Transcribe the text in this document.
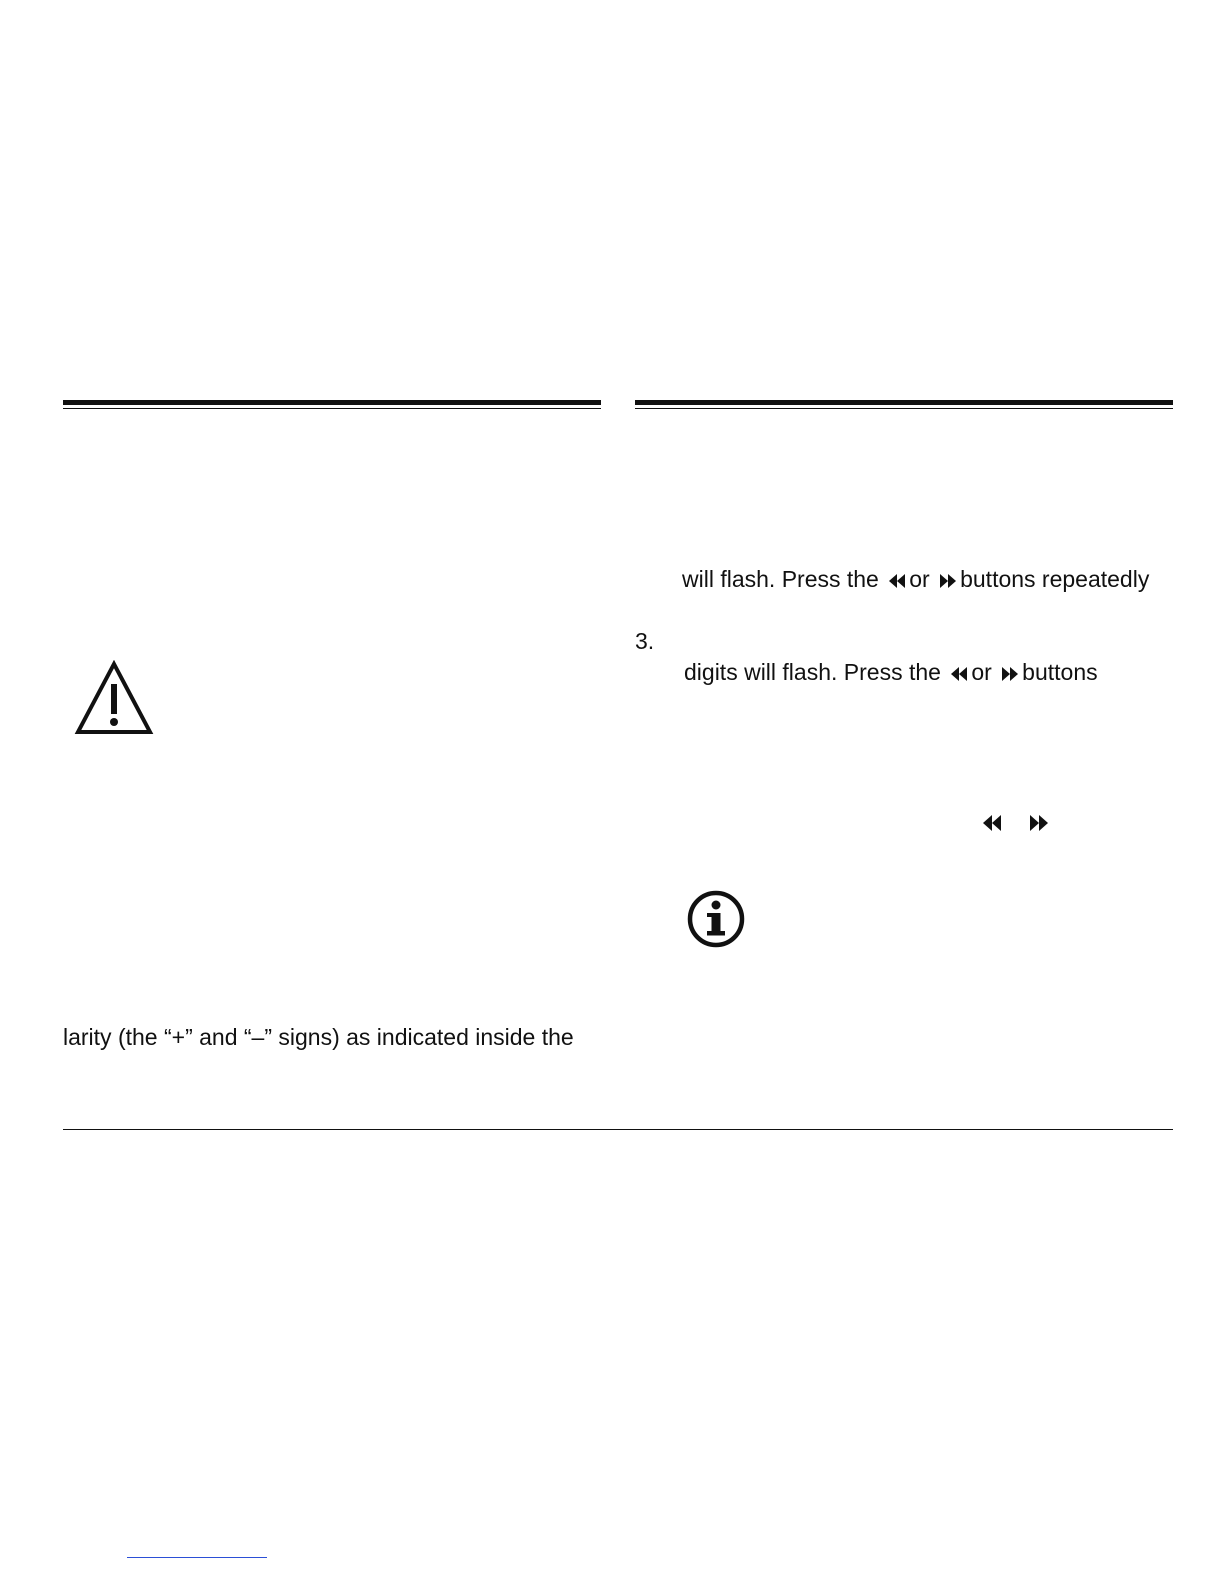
larity (the “+” and “–” signs) as indicated inside the
will flash. Press the or buttons repeatedly
3.
digits will flash. Press the or buttons
